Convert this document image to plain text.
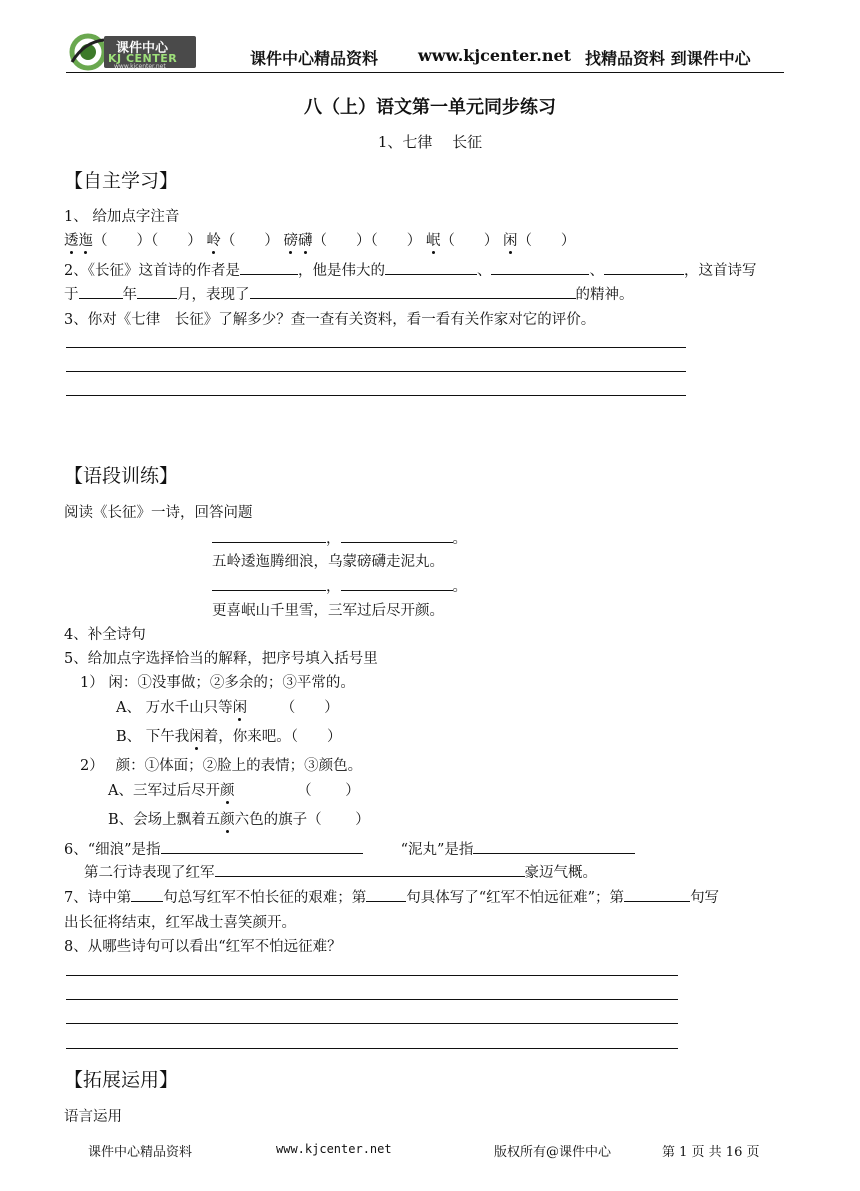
课件中心
KJ CENTER
www.kjcenter.net	课件中心精品资料 www.kjcenter.net 找精品资料 到课件中心
八（上）语文第一单元同步练习
1、七律　 长征
【自主学习】
1、 给加点字注音
透迤（　　）（　　） 岭（　　） 磅礴（　　）（　　） 岷（　　） 闲（　　）
2、《长征》这首诗的作者是	，他是伟大的	、	、	，这首诗写
于	年	月，表现了	的精神。
3、你对《七律　长征》了解多少？查一查有关资料，看一看有关作家对它的评价。
【语段训练】
阅读《长征》一诗，回答问题
，	。
五岭逶迤腾细浪，乌蒙磅礴走泥丸。
，	。
更喜岷山千里雪，三军过后尽开颜。
4、补全诗句
5、给加点字选择恰当的解释，把序号填入括号里
1） 闲：①没事做；②多余的；③平常的。
A、 万水千山只等闲　　 （　　）
B、 下午我闲着，你来吧。（　　）
2）　 颜：①体面；②脸上的表情；③颜色。
A、三军过后尽开颜　　　　 （　　 ）
B、会场上飘着五颜六色的旗子（　　 ）
6、“细浪”是指	“泥丸”是指
第二行诗表现了红军	豪迈气概。
7、诗中第 句总写红军不怕长征的艰难；第	句具体写了“红军不怕远征难”；第	句写
出长征将结束，红军战士喜笑颜开。
8、从哪些诗句可以看出“红军不怕远征难？
【拓展运用】
语言运用
课件中心精品资料	www.kjcenter.net	版权所有@课件中心	第 1 页 共 16 页
